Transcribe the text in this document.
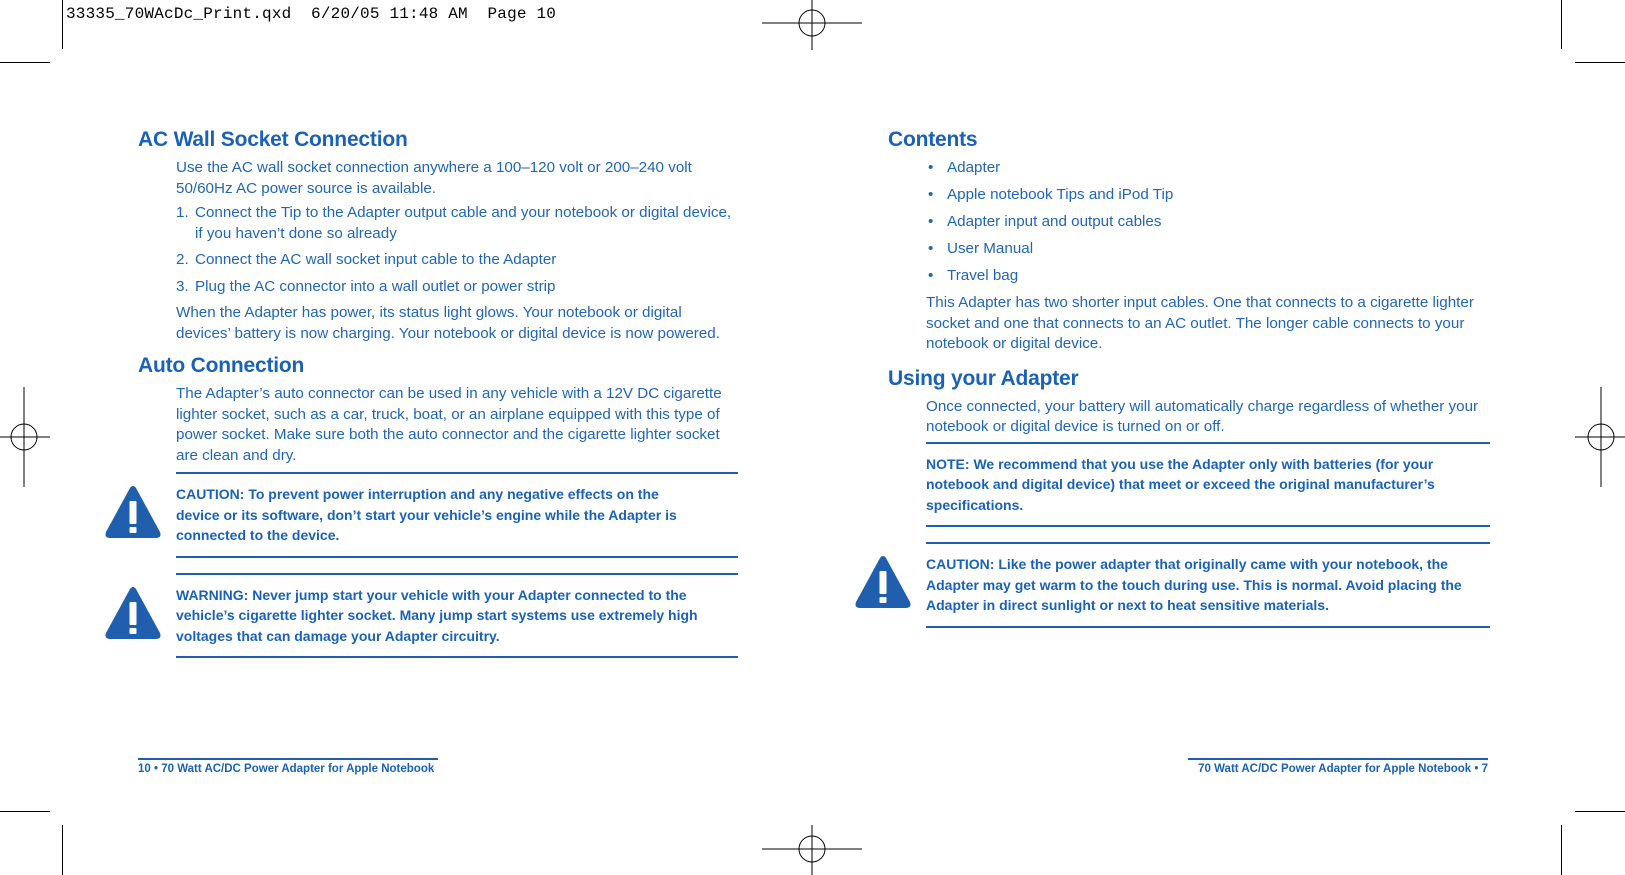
33335_70WAcDc_Print.qxd  6/20/05 11:48 AM  Page 10
AC Wall Socket Connection

Use the AC wall socket connection anywhere a 100–120 volt or 200–240 volt 50/60Hz AC power source is available.

1. Connect the Tip to the Adapter output cable and your notebook or digital device, if you haven’t done so already
2. Connect the AC wall socket input cable to the Adapter
3. Plug the AC connector into a wall outlet or power strip

When the Adapter has power, its status light glows. Your notebook or digital devices’ battery is now charging. Your notebook or digital device is now powered.

Auto Connection

The Adapter’s auto connector can be used in any vehicle with a 12V DC cigarette lighter socket, such as a car, truck, boat, or an airplane equipped with this type of power socket. Make sure both the auto connector and the cigarette lighter socket are clean and dry.

CAUTION: To prevent power interruption and any negative effects on the device or its software, don’t start your vehicle’s engine while the Adapter is connected to the device.
WARNING: Never jump start your vehicle with your Adapter connected to the vehicle’s cigarette lighter socket. Many jump start systems use extremely high voltages that can damage your Adapter circuitry.
10 • 70 Watt AC/DC Power Adapter for Apple Notebook
Contents
• Adapter
• Apple notebook Tips and iPod Tip
• Adapter input and output cables
• User Manual
• Travel bag

This Adapter has two shorter input cables. One that connects to a cigarette lighter socket and one that connects to an AC outlet. The longer cable connects to your notebook or digital device.

Using your Adapter

Once connected, your battery will automatically charge regardless of whether your notebook or digital device is turned on or off.

NOTE: We recommend that you use the Adapter only with batteries (for your notebook and digital device) that meet or exceed the original manufacturer’s specifications.
CAUTION: Like the power adapter that originally came with your notebook, the Adapter may get warm to the touch during use. This is normal. Avoid placing the Adapter in direct sunlight or next to heat sensitive materials.
70 Watt AC/DC Power Adapter for Apple Notebook • 7
